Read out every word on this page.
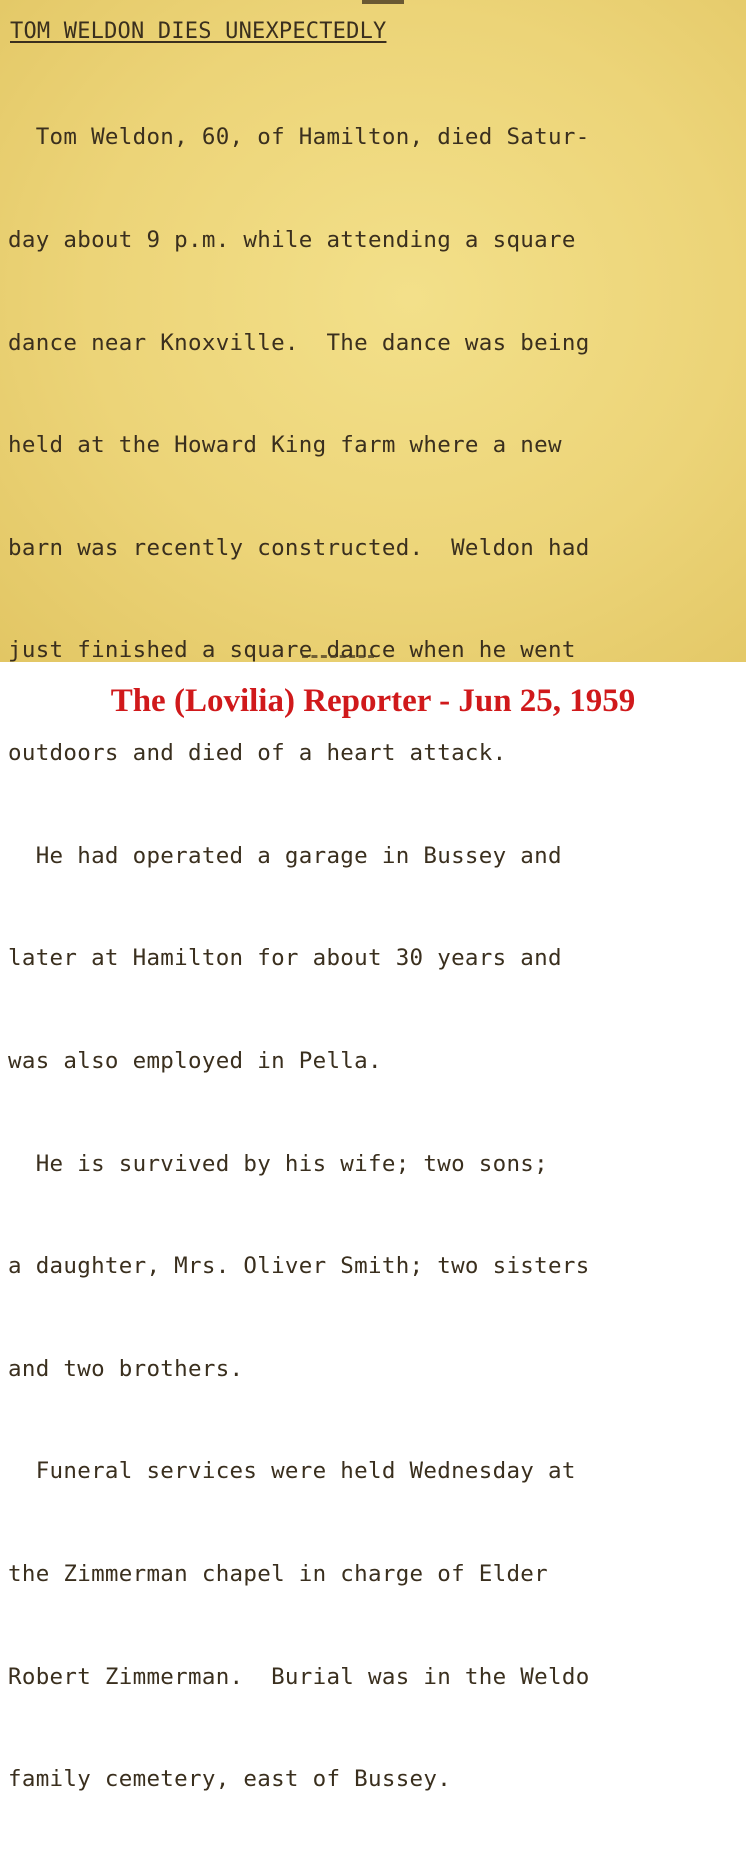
TOM WELDON DIES UNEXPECTEDLY

Tom Weldon, 60, of Hamilton, died Satur-

day about 9 p.m. while attending a square

dance near Knoxville.  The dance was being

held at the Howard King farm where a new

barn was recently constructed.  Weldon had

just finished a square dance when he went

outdoors and died of a heart attack.

He had operated a garage in Bussey and

later at Hamilton for about 30 years and

was also employed in Pella.

He is survived by his wife; two sons;

a daughter, Mrs. Oliver Smith; two sisters

and two brothers.

Funeral services were held Wednesday at

the Zimmerman chapel in charge of Elder

Robert Zimmerman.  Burial was in the Weldo

family cemetery, east of Bussey.

The (Lovilia) Reporter - Jun 25, 1959
